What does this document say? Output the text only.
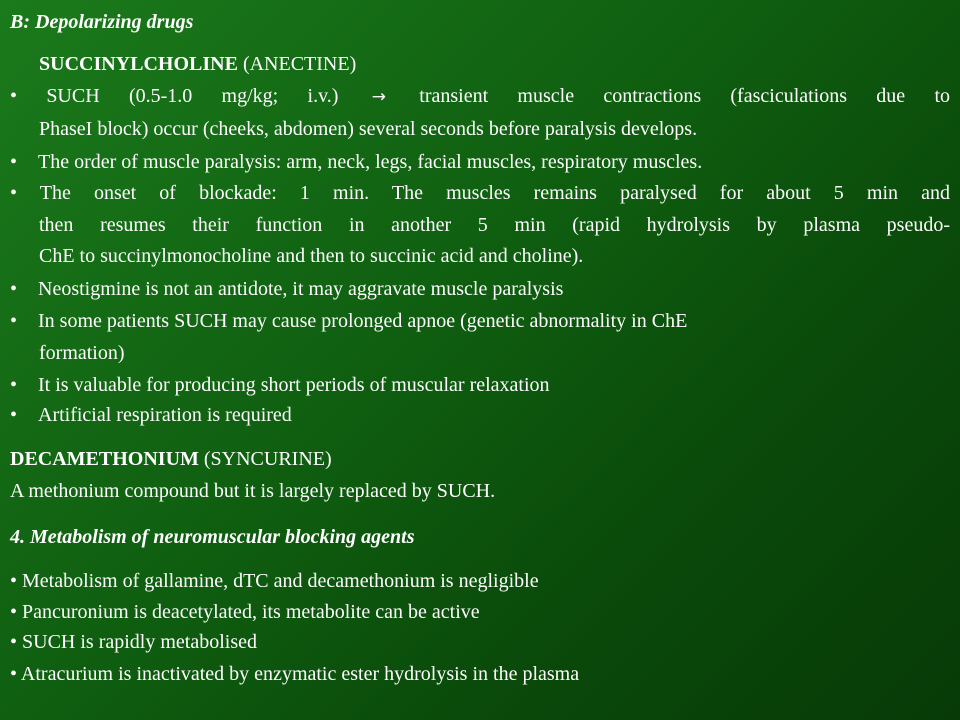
B: Depolarizing drugs
SUCCINYLCHOLINE (ANECTINE)
• SUCH (0.5-1.0 mg/kg; i.v.) → transient muscle contractions (fasciculations due to
PhaseI block) occur (cheeks, abdomen) several seconds before paralysis develops.
• The order of muscle paralysis: arm, neck, legs, facial muscles, respiratory muscles.
• The onset of blockade: 1 min. The muscles remains paralysed for about 5 min and
then resumes their function in another 5 min (rapid hydrolysis by plasma pseudo-
ChE to succinylmonocholine and then to succinic acid and choline).
• Neostigmine is not an antidote, it may aggravate muscle paralysis
• In some patients SUCH may cause prolonged apnoe (genetic abnormality in ChE
formation)
• It is valuable for producing short periods of muscular relaxation
• Artificial respiration is required
DECAMETHONIUM (SYNCURINE)
A methonium compound but it is largely replaced by SUCH.
4. Metabolism of neuromuscular blocking agents
• Metabolism of gallamine, dTC and decamethonium is negligible
• Pancuronium is deacetylated, its metabolite can be active
• SUCH is rapidly metabolised
• Atracurium is inactivated by enzymatic ester hydrolysis in the plasma
